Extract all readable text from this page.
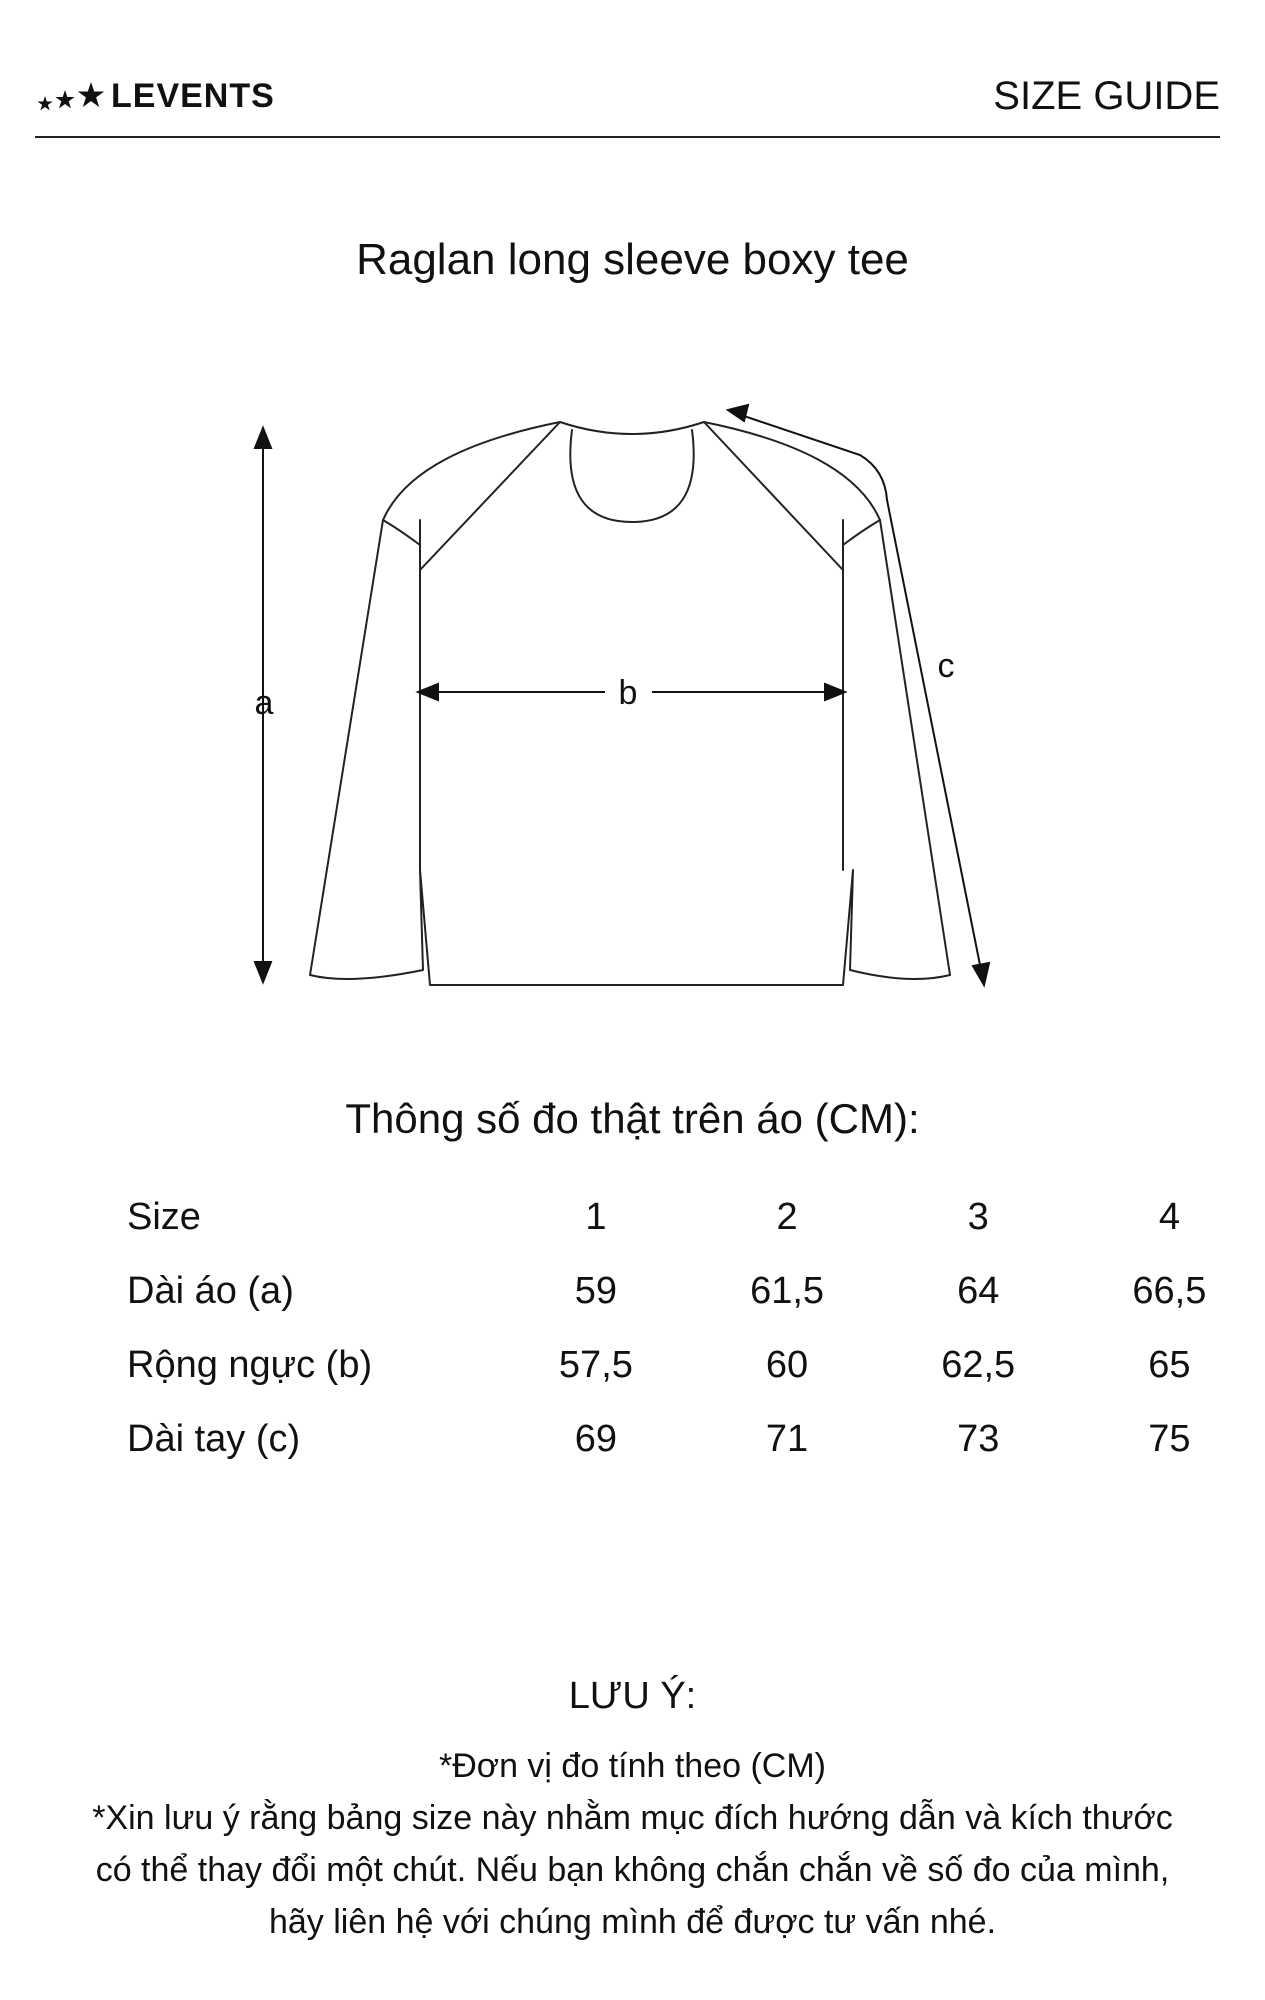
LEVENTS	SIZE GUIDE
Raglan long sleeve boxy tee
a	b
c
Thông số đo thật trên áo (CM):
Size	1	2	3	4
Dài áo (a)	59	61,5	64	66,5
Rộng ngực (b)	57,5	60	62,5	65
Dài tay (c)	69	71	73	75
LƯU Ý:

*Đơn vị đo tính theo (CM)

*Xin lưu ý rằng bảng size này nhằm mục đích hướng dẫn và kích thước có thể thay đổi một chút. Nếu bạn không chắn chắn về số đo của mình, hãy liên hệ với chúng mình để được tư vấn nhé.
